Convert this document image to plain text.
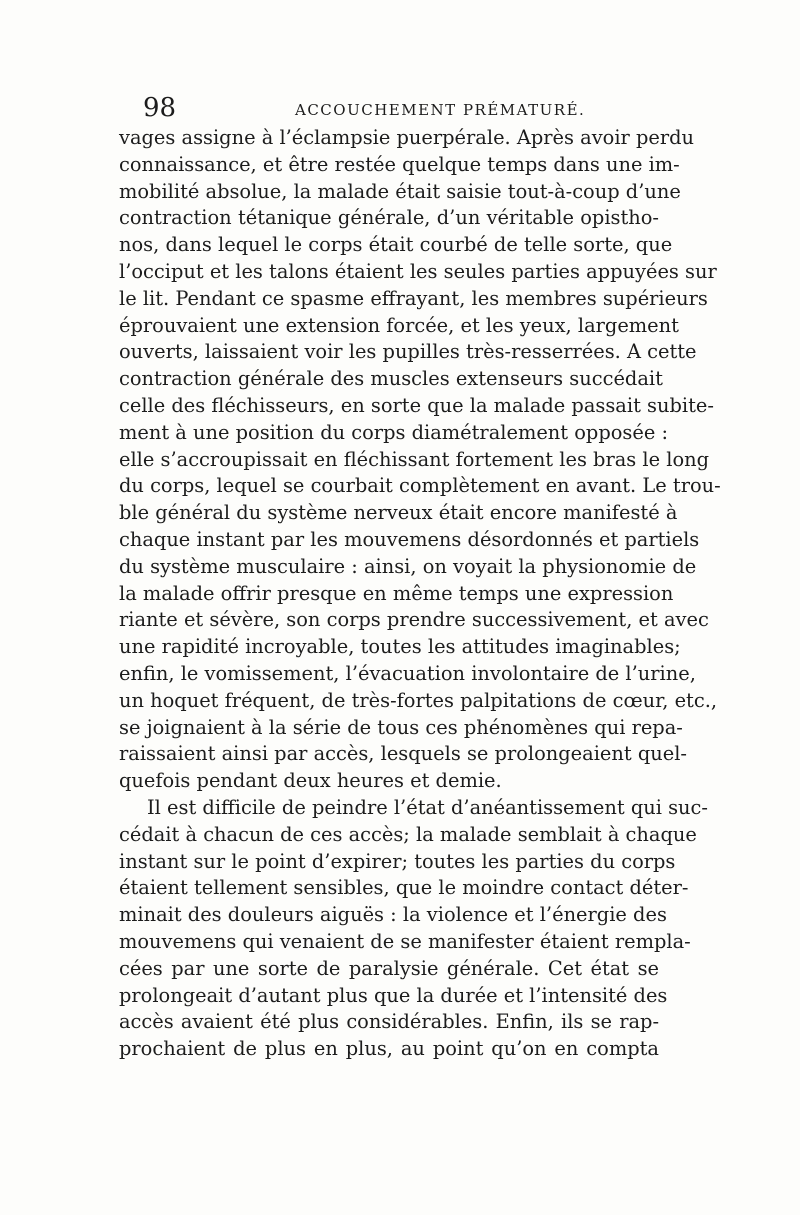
98	ACCOUCHEMENT PRÉMATURÉ.
vages assigne à l’éclampsie puerpérale. Après avoir perdu
connaissance, et être restée quelque temps dans une im-
mobilité absolue, la malade était saisie tout-à-coup d’une
contraction tétanique générale, d’un véritable opistho-
nos, dans lequel le corps était courbé de telle sorte, que
l’occiput et les talons étaient les seules parties appuyées sur
le lit. Pendant ce spasme effrayant, les membres supérieurs
éprouvaient une extension forcée, et les yeux, largement
ouverts, laissaient voir les pupilles très-resserrées. A cette
contraction générale des muscles extenseurs succédait
celle des fléchisseurs, en sorte que la malade passait subite-
ment à une position du corps diamétralement opposée :
elle s’accroupissait en fléchissant fortement les bras le long
du corps, lequel se courbait complètement en avant. Le trou-
ble général du système nerveux était encore manifesté à
chaque instant par les mouvemens désordonnés et partiels
du système musculaire : ainsi, on voyait la physionomie de
la malade offrir presque en même temps une expression
riante et sévère, son corps prendre successivement, et avec
une rapidité incroyable, toutes les attitudes imaginables;
enfin, le vomissement, l’évacuation involontaire de l’urine,
un hoquet fréquent, de très-fortes palpitations de cœur, etc.,
se joignaient à la série de tous ces phénomènes qui repa-
raissaient ainsi par accès, lesquels se prolongeaient quel-
quefois pendant deux heures et demie.
Il est difficile de peindre l’état d’anéantissement qui suc-
cédait à chacun de ces accès; la malade semblait à chaque
instant sur le point d’expirer; toutes les parties du corps
étaient tellement sensibles, que le moindre contact déter-
minait des douleurs aiguës : la violence et l’énergie des
mouvemens qui venaient de se manifester étaient rempla-
cées par une sorte de paralysie générale. Cet état se
prolongeait d’autant plus que la durée et l’intensité des
accès avaient été plus considérables. Enfin, ils se rap-
prochaient de plus en plus, au point qu’on en compta
